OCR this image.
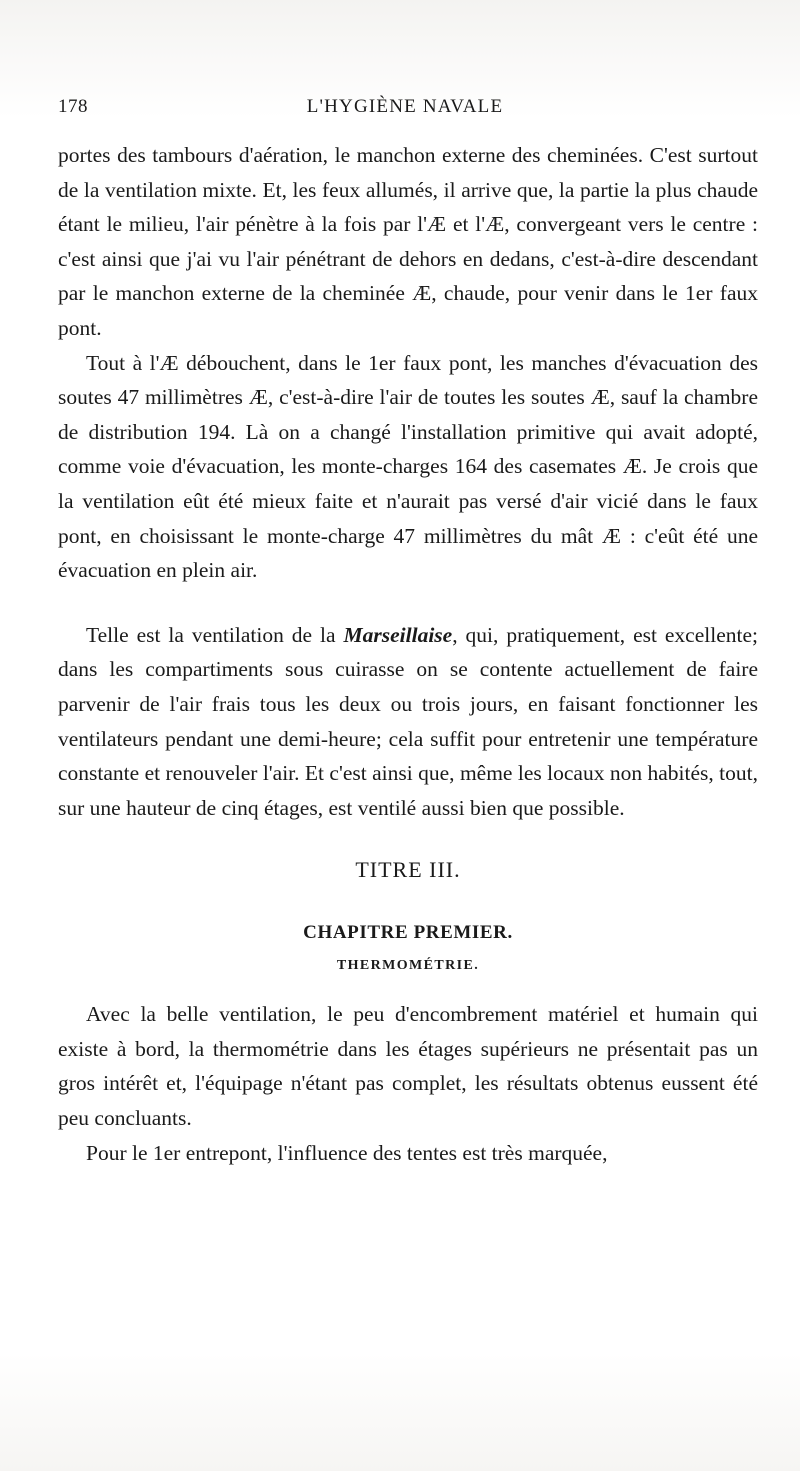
178	L'HYGIÈNE NAVALE

portes des tambours d'aération, le manchon externe des cheminées. C'est surtout de la ventilation mixte. Et, les feux allumés, il arrive que, la partie la plus chaude étant le milieu, l'air pénètre à la fois par l'Æ et l'Æ, convergeant vers le centre : c'est ainsi que j'ai vu l'air pénétrant de dehors en dedans, c'est-à-dire descendant par le manchon externe de la cheminée Æ, chaude, pour venir dans le 1er faux pont.

Tout à l'Æ débouchent, dans le 1er faux pont, les manches d'évacuation des soutes 47 millimètres Æ, c'est-à-dire l'air de toutes les soutes Æ, sauf la chambre de distribution 194. Là on a changé l'installation primitive qui avait adopté, comme voie d'évacuation, les monte-charges 164 des casemates Æ. Je crois que la ventilation eût été mieux faite et n'aurait pas versé d'air vicié dans le faux pont, en choisissant le monte-charge 47 millimètres du mât Æ : c'eût été une évacuation en plein air.

Telle est la ventilation de la Marseillaise, qui, pratiquement, est excellente; dans les compartiments sous cuirasse on se contente actuellement de faire parvenir de l'air frais tous les deux ou trois jours, en faisant fonctionner les ventilateurs pendant une demi-heure; cela suffit pour entretenir une température constante et renouveler l'air. Et c'est ainsi que, même les locaux non habités, tout, sur une hauteur de cinq étages, est ventilé aussi bien que possible.

TITRE III.
CHAPITRE PREMIER.
THERMOMÉTRIE.

Avec la belle ventilation, le peu d'encombrement matériel et humain qui existe à bord, la thermométrie dans les étages supérieurs ne présentait pas un gros intérêt et, l'équipage n'étant pas complet, les résultats obtenus eussent été peu concluants.

Pour le 1er entrepont, l'influence des tentes est très marquée,
